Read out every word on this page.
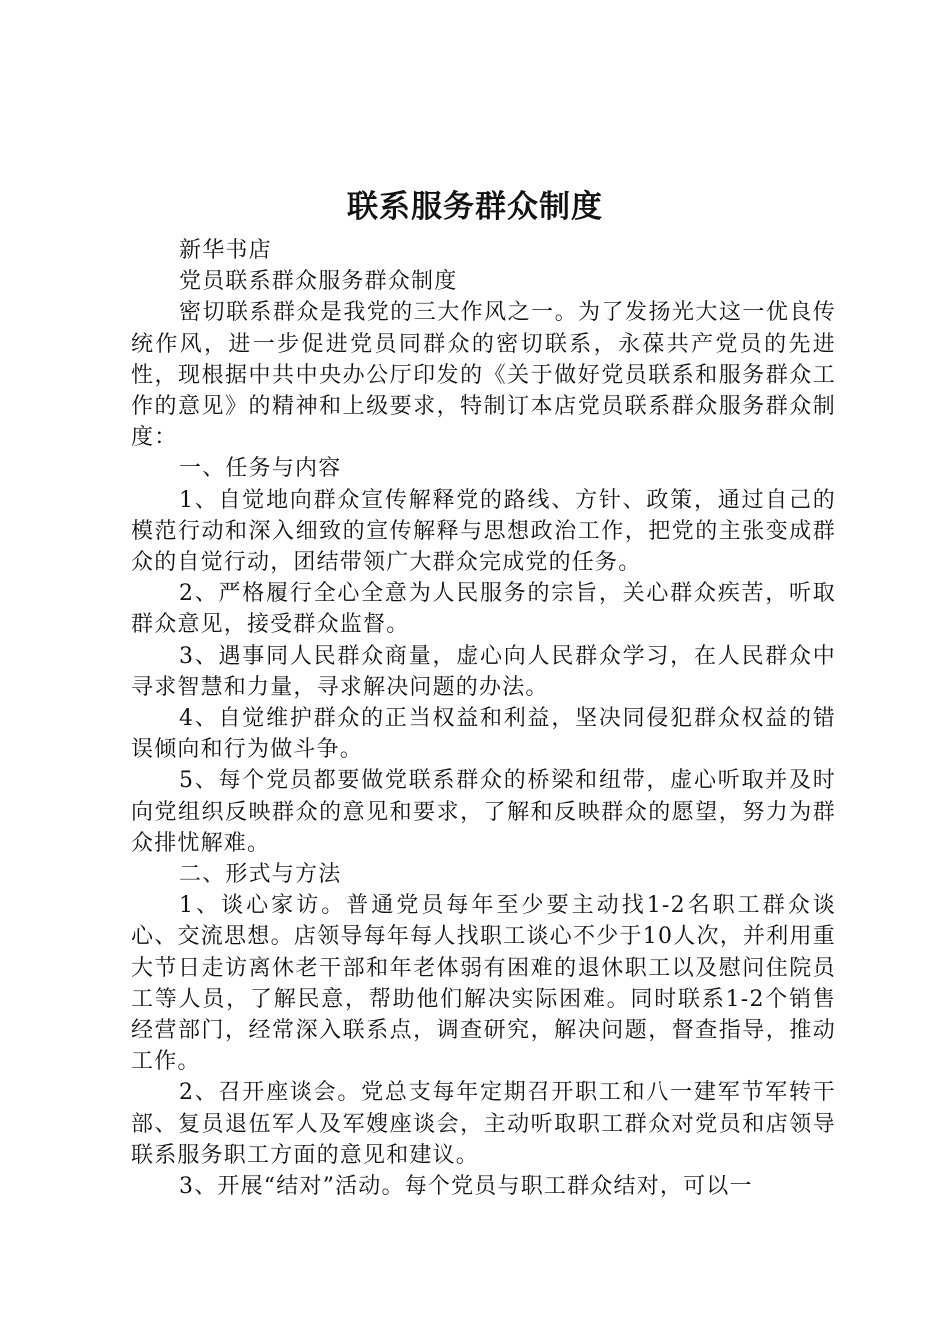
联系服务群众制度

新华书店

党员联系群众服务群众制度

密切联系群众是我党的三大作风之一。为了发扬光大这一优良传统作风，进一步促进党员同群众的密切联系，永葆共产党员的先进性，现根据中共中央办公厅印发的《关于做好党员联系和服务群众工作的意见》的精神和上级要求，特制订本店党员联系群众服务群众制度：

一、任务与内容

1、自觉地向群众宣传解释党的路线、方针、政策，通过自己的模范行动和深入细致的宣传解释与思想政治工作，把党的主张变成群众的自觉行动，团结带领广大群众完成党的任务。

2、严格履行全心全意为人民服务的宗旨，关心群众疾苦，听取群众意见，接受群众监督。

3、遇事同人民群众商量，虚心向人民群众学习，在人民群众中寻求智慧和力量，寻求解决问题的办法。

4、自觉维护群众的正当权益和利益，坚决同侵犯群众权益的错误倾向和行为做斗争。

5、每个党员都要做党联系群众的桥梁和纽带，虚心听取并及时向党组织反映群众的意见和要求，了解和反映群众的愿望，努力为群众排忧解难。

二、形式与方法

1、谈心家访。普通党员每年至少要主动找1-2名职工群众谈心、交流思想。店领导每年每人找职工谈心不少于10人次，并利用重大节日走访离休老干部和年老体弱有困难的退休职工以及慰问住院员工等人员，了解民意，帮助他们解决实际困难。同时联系1-2个销售经营部门，经常深入联系点，调查研究，解决问题，督查指导，推动工作。

2、召开座谈会。党总支每年定期召开职工和八一建军节军转干部、复员退伍军人及军嫂座谈会，主动听取职工群众对党员和店领导联系服务职工方面的意见和建议。

3、开展“结对”活动。每个党员与职工群众结对，可以一
